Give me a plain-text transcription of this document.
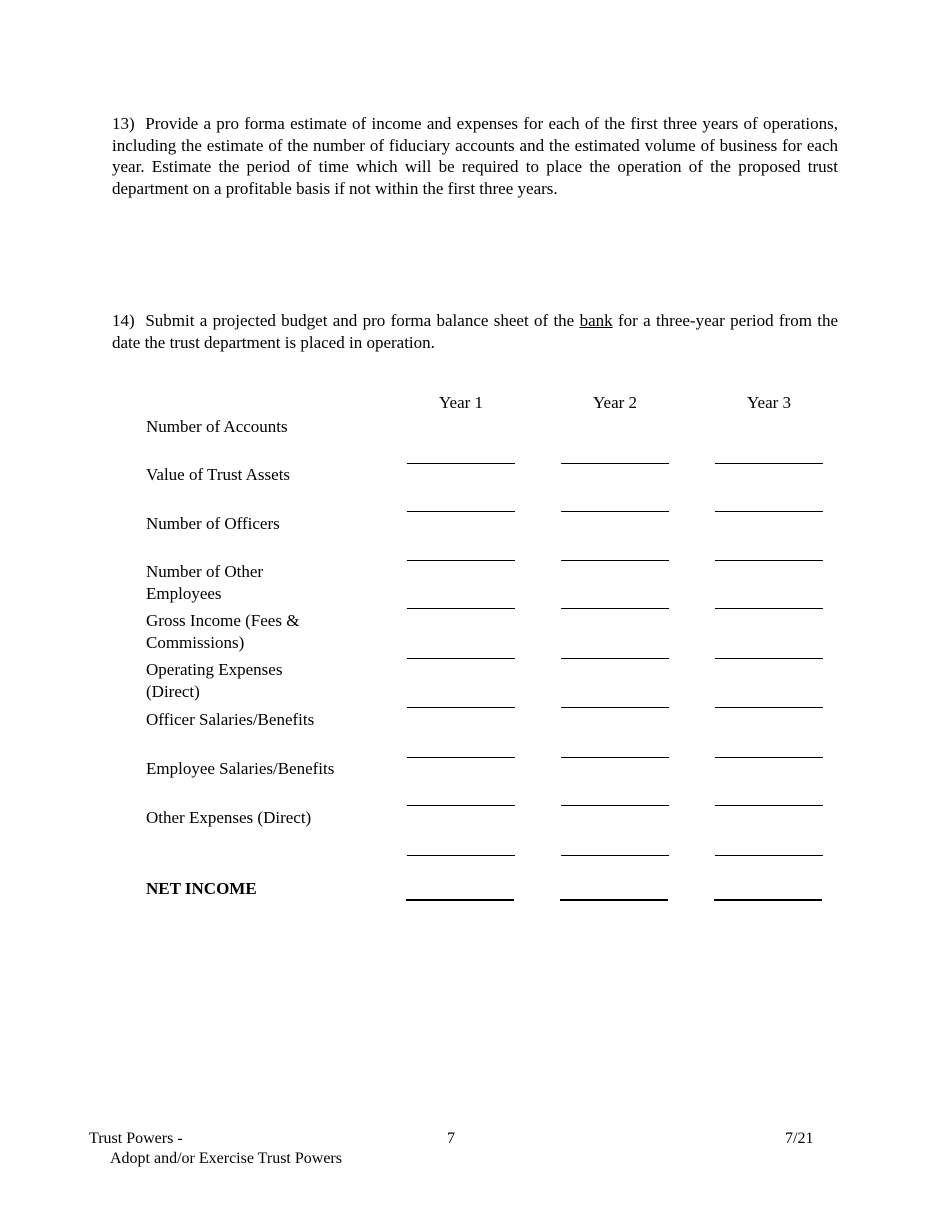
13) Provide a pro forma estimate of income and expenses for each of the first three years of operations, including the estimate of the number of fiduciary accounts and the estimated volume of business for each year. Estimate the period of time which will be required to place the operation of the proposed trust department on a profitable basis if not within the first three years.

14) Submit a projected budget and pro forma balance sheet of the bank for a three-year period from the date the trust department is placed in operation.

Year 1	Year 2	Year 3

Number of Accounts

Value of Trust Assets

Number of Officers

Number of Other Employees

Gross Income (Fees & Commissions)

Operating Expenses (Direct)

Officer Salaries/Benefits

Employee Salaries/Benefits

Other Expenses (Direct)

NET INCOME

Trust Powers -
Adopt and/or Exercise Trust Powers
7	7/21
